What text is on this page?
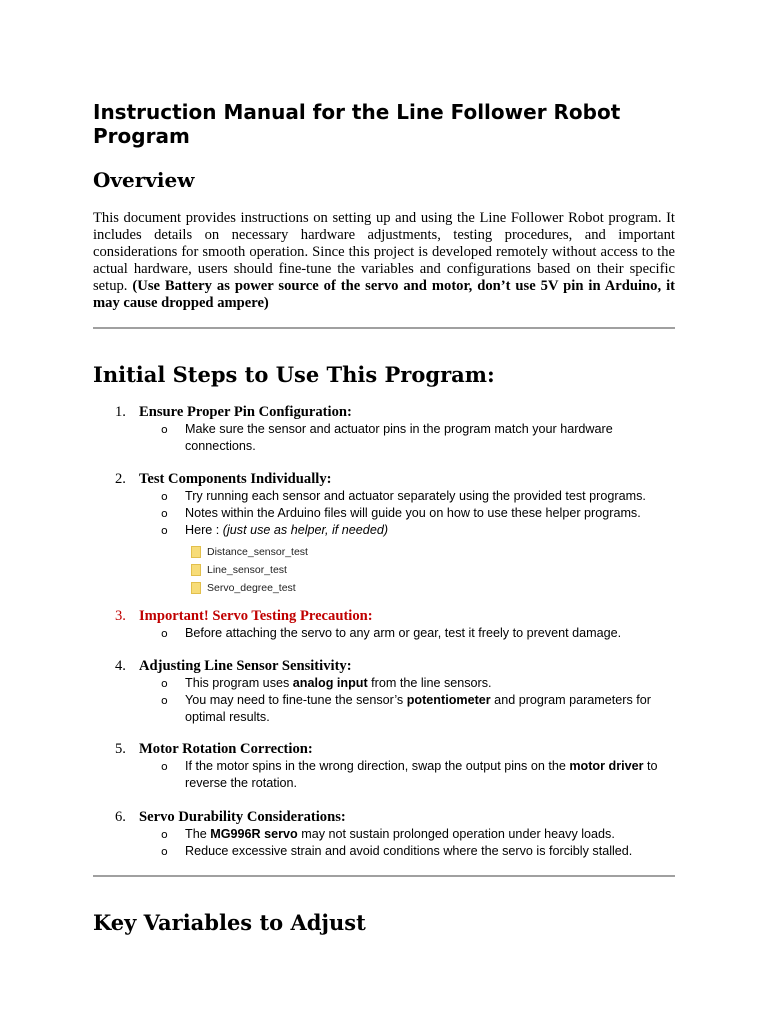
Instruction Manual for the Line Follower Robot Program
Overview

This document provides instructions on setting up and using the Line Follower Robot program. It includes details on necessary hardware adjustments, testing procedures, and important considerations for smooth operation. Since this project is developed remotely without access to the actual hardware, users should fine-tune the variables and configurations based on their specific setup. (Use Battery as power source of the servo and motor, don’t use 5V pin in Arduino, it may cause dropped ampere)

Initial Steps to Use This Program:
1. Ensure Proper Pin Configuration:
o Make sure the sensor and actuator pins in the program match your hardware connections.
2. Test Components Individually:
o Try running each sensor and actuator separately using the provided test programs.
o Notes within the Arduino files will guide you on how to use these helper programs.
o Here : (just use as helper, if needed)
Distance_sensor_test
Line_sensor_test
Servo_degree_test
3. Important! Servo Testing Precaution:
o Before attaching the servo to any arm or gear, test it freely to prevent damage.
4. Adjusting Line Sensor Sensitivity:
o This program uses analog input from the line sensors.
o You may need to fine-tune the sensor’s potentiometer and program parameters for optimal results.
5. Motor Rotation Correction:
o If the motor spins in the wrong direction, swap the output pins on the motor driver to reverse the rotation.
6. Servo Durability Considerations:
o The MG996R servo may not sustain prolonged operation under heavy loads.
o Reduce excessive strain and avoid conditions where the servo is forcibly stalled.
Key Variables to Adjust
